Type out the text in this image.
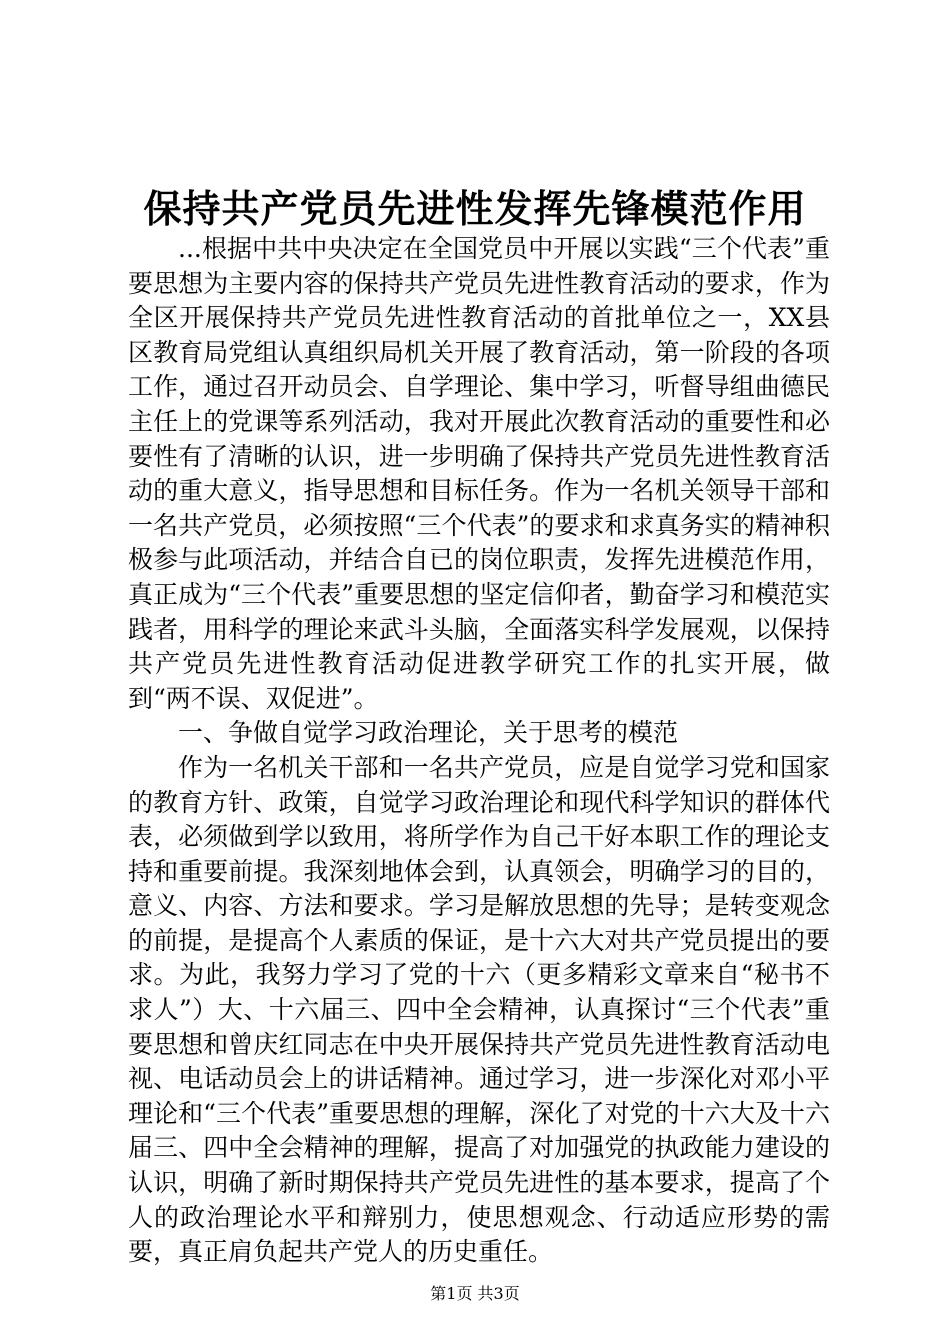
保持共产党员先进性发挥先锋模范作用

...根据中共中央决定在全国党员中开展以实践“三个代表”重要思想为主要内容的保持共产党员先进性教育活动的要求，作为全区开展保持共产党员先进性教育活动的首批单位之一，XX县区教育局党组认真组织局机关开展了教育活动，第一阶段的各项工作，通过召开动员会、自学理论、集中学习，听督导组曲德民主任上的党课等系列活动，我对开展此次教育活动的重要性和必要性有了清晰的认识，进一步明确了保持共产党员先进性教育活动的重大意义，指导思想和目标任务。作为一名机关领导干部和一名共产党员，必须按照“三个代表”的要求和求真务实的精神积极参与此项活动，并结合自已的岗位职责，发挥先进模范作用，真正成为“三个代表”重要思想的坚定信仰者，勤奋学习和模范实践者，用科学的理论来武斗头脑，全面落实科学发展观，以保持共产党员先进性教育活动促进教学研究工作的扎实开展，做到“两不误、双促进”。

一、争做自觉学习政治理论，关于思考的模范

作为一名机关干部和一名共产党员，应是自觉学习党和国家的教育方针、政策，自觉学习政治理论和现代科学知识的群体代表，必须做到学以致用，将所学作为自己干好本职工作的理论支持和重要前提。我深刻地体会到，认真领会，明确学习的目的，意义、内容、方法和要求。学习是解放思想的先导；是转变观念的前提，是提高个人素质的保证，是十六大对共产党员提出的要求。为此，我努力学习了党的十六（更多精彩文章来自“秘书不求人”）大、十六届三、四中全会精神，认真探讨“三个代表”重要思想和曾庆红同志在中央开展保持共产党员先进性教育活动电视、电话动员会上的讲话精神。通过学习，进一步深化对邓小平理论和“三个代表”重要思想的理解，深化了对党的十六大及十六届三、四中全会精神的理解，提高了对加强党的执政能力建设的认识，明确了新时期保持共产党员先进性的基本要求，提高了个人的政治理论水平和辩别力，使思想观念、行动适应形势的需要，真正肩负起共产党人的历史重任。

第1页 共3页
